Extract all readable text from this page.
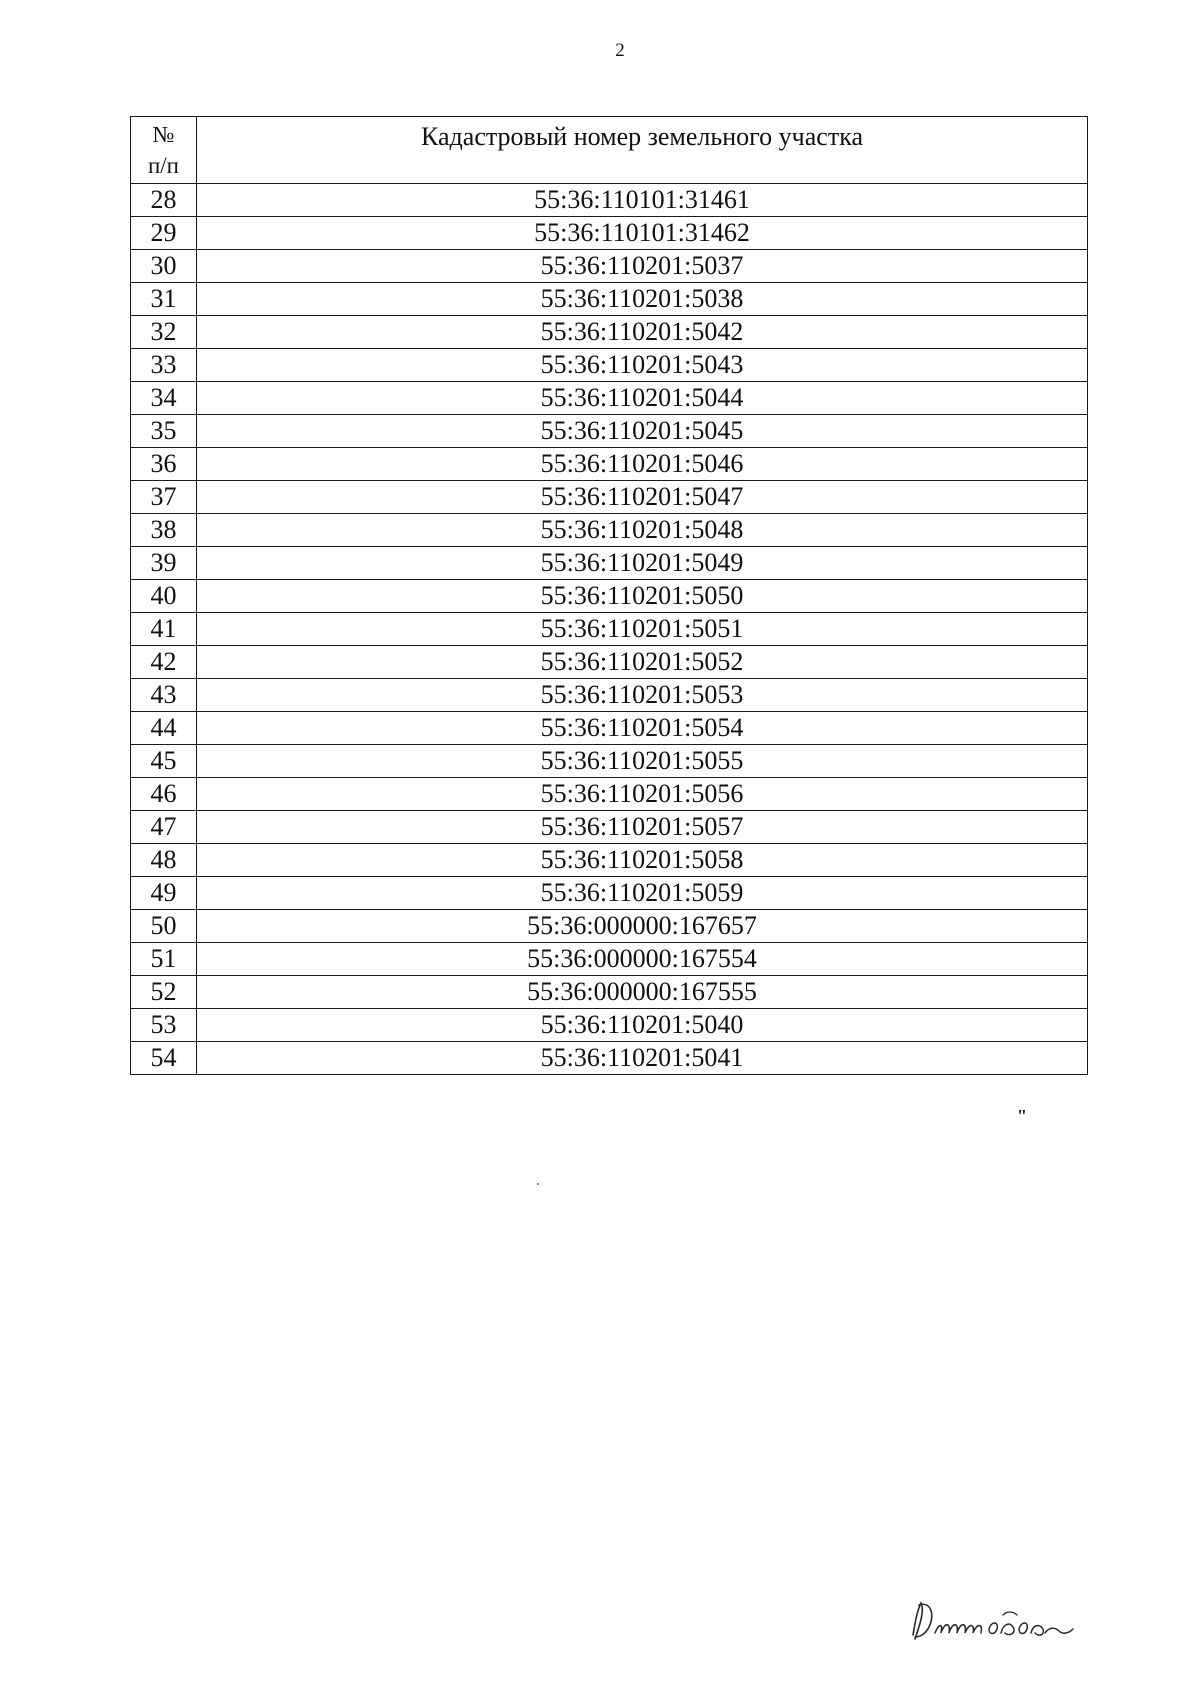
2
№
п/п	Кадастровый номер земельного участка
28	55:36:110101:31461
29	55:36:110101:31462
30	55:36:110201:5037
31	55:36:110201:5038
32	55:36:110201:5042
33	55:36:110201:5043
34	55:36:110201:5044
35	55:36:110201:5045
36	55:36:110201:5046
37	55:36:110201:5047
38	55:36:110201:5048
39	55:36:110201:5049
40	55:36:110201:5050
41	55:36:110201:5051
42	55:36:110201:5052
43	55:36:110201:5053
44	55:36:110201:5054
45	55:36:110201:5055
46	55:36:110201:5056
47	55:36:110201:5057
48	55:36:110201:5058
49	55:36:110201:5059
50	55:36:000000:167657
51	55:36:000000:167554
52	55:36:000000:167555
53	55:36:110201:5040
54	55:36:110201:5041
"
